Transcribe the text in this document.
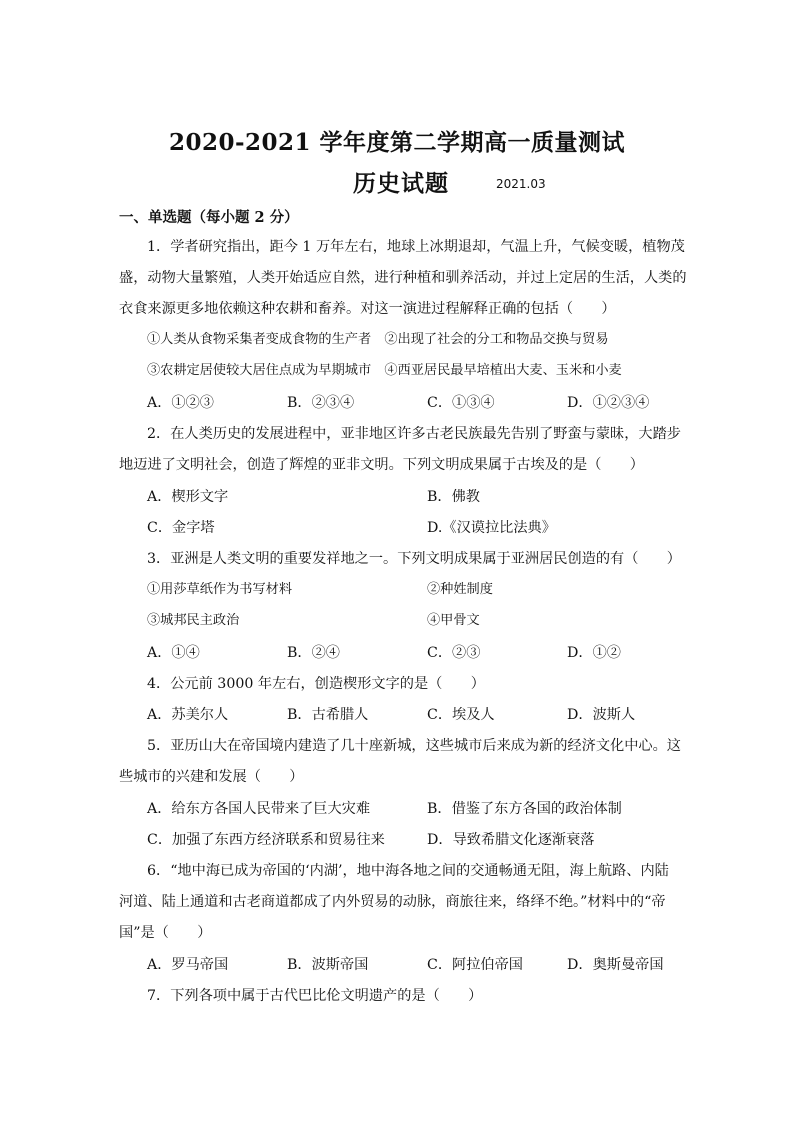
2020-2021 学年度第二学期高一质量测试
历史试题	2021.03
一、单选题（每小题 2 分）
1．学者研究指出，距今 1 万年左右，地球上冰期退却，气温上升，气候变暖，植物茂
盛，动物大量繁殖，人类开始适应自然，进行种植和驯养活动，并过上定居的生活，人类的
衣食来源更多地依赖这种农耕和畜养。对这一演进过程解释正确的包括（　　）
①人类从食物采集者变成食物的生产者　②出现了社会的分工和物品交换与贸易
③农耕定居使较大居住点成为早期城市　④西亚居民最早培植出大麦、玉米和小麦
A．①②③	B．②③④	C．①③④	D．①②③④
2．在人类历史的发展进程中，亚非地区许多古老民族最先告别了野蛮与蒙昧，大踏步
地迈进了文明社会，创造了辉煌的亚非文明。下列文明成果属于古埃及的是（　　）
A．楔形文字	B．佛教
C．金字塔	D.《汉谟拉比法典》
3．亚洲是人类文明的重要发祥地之一。下列文明成果属于亚洲居民创造的有（　　）
①用莎草纸作为书写材料	②种姓制度
③城邦民主政治	④甲骨文
A．①④	B．②④	C．②③	D．①②
4．公元前 3000 年左右，创造楔形文字的是（　　）
A．苏美尔人	B．古希腊人	C．埃及人	D．波斯人
5．亚历山大在帝国境内建造了几十座新城，这些城市后来成为新的经济文化中心。这
些城市的兴建和发展（　　）
A．给东方各国人民带来了巨大灾难	B．借鉴了东方各国的政治体制
C．加强了东西方经济联系和贸易往来	D．导致希腊文化逐渐衰落
6．“地中海已成为帝国的‘内湖’，地中海各地之间的交通畅通无阻，海上航路、内陆
河道、陆上通道和古老商道都成了内外贸易的动脉，商旅往来，络绎不绝。”材料中的“帝
国”是（　　）
A．罗马帝国	B．波斯帝国	C．阿拉伯帝国	D．奥斯曼帝国
7．下列各项中属于古代巴比伦文明遗产的是（　　）
